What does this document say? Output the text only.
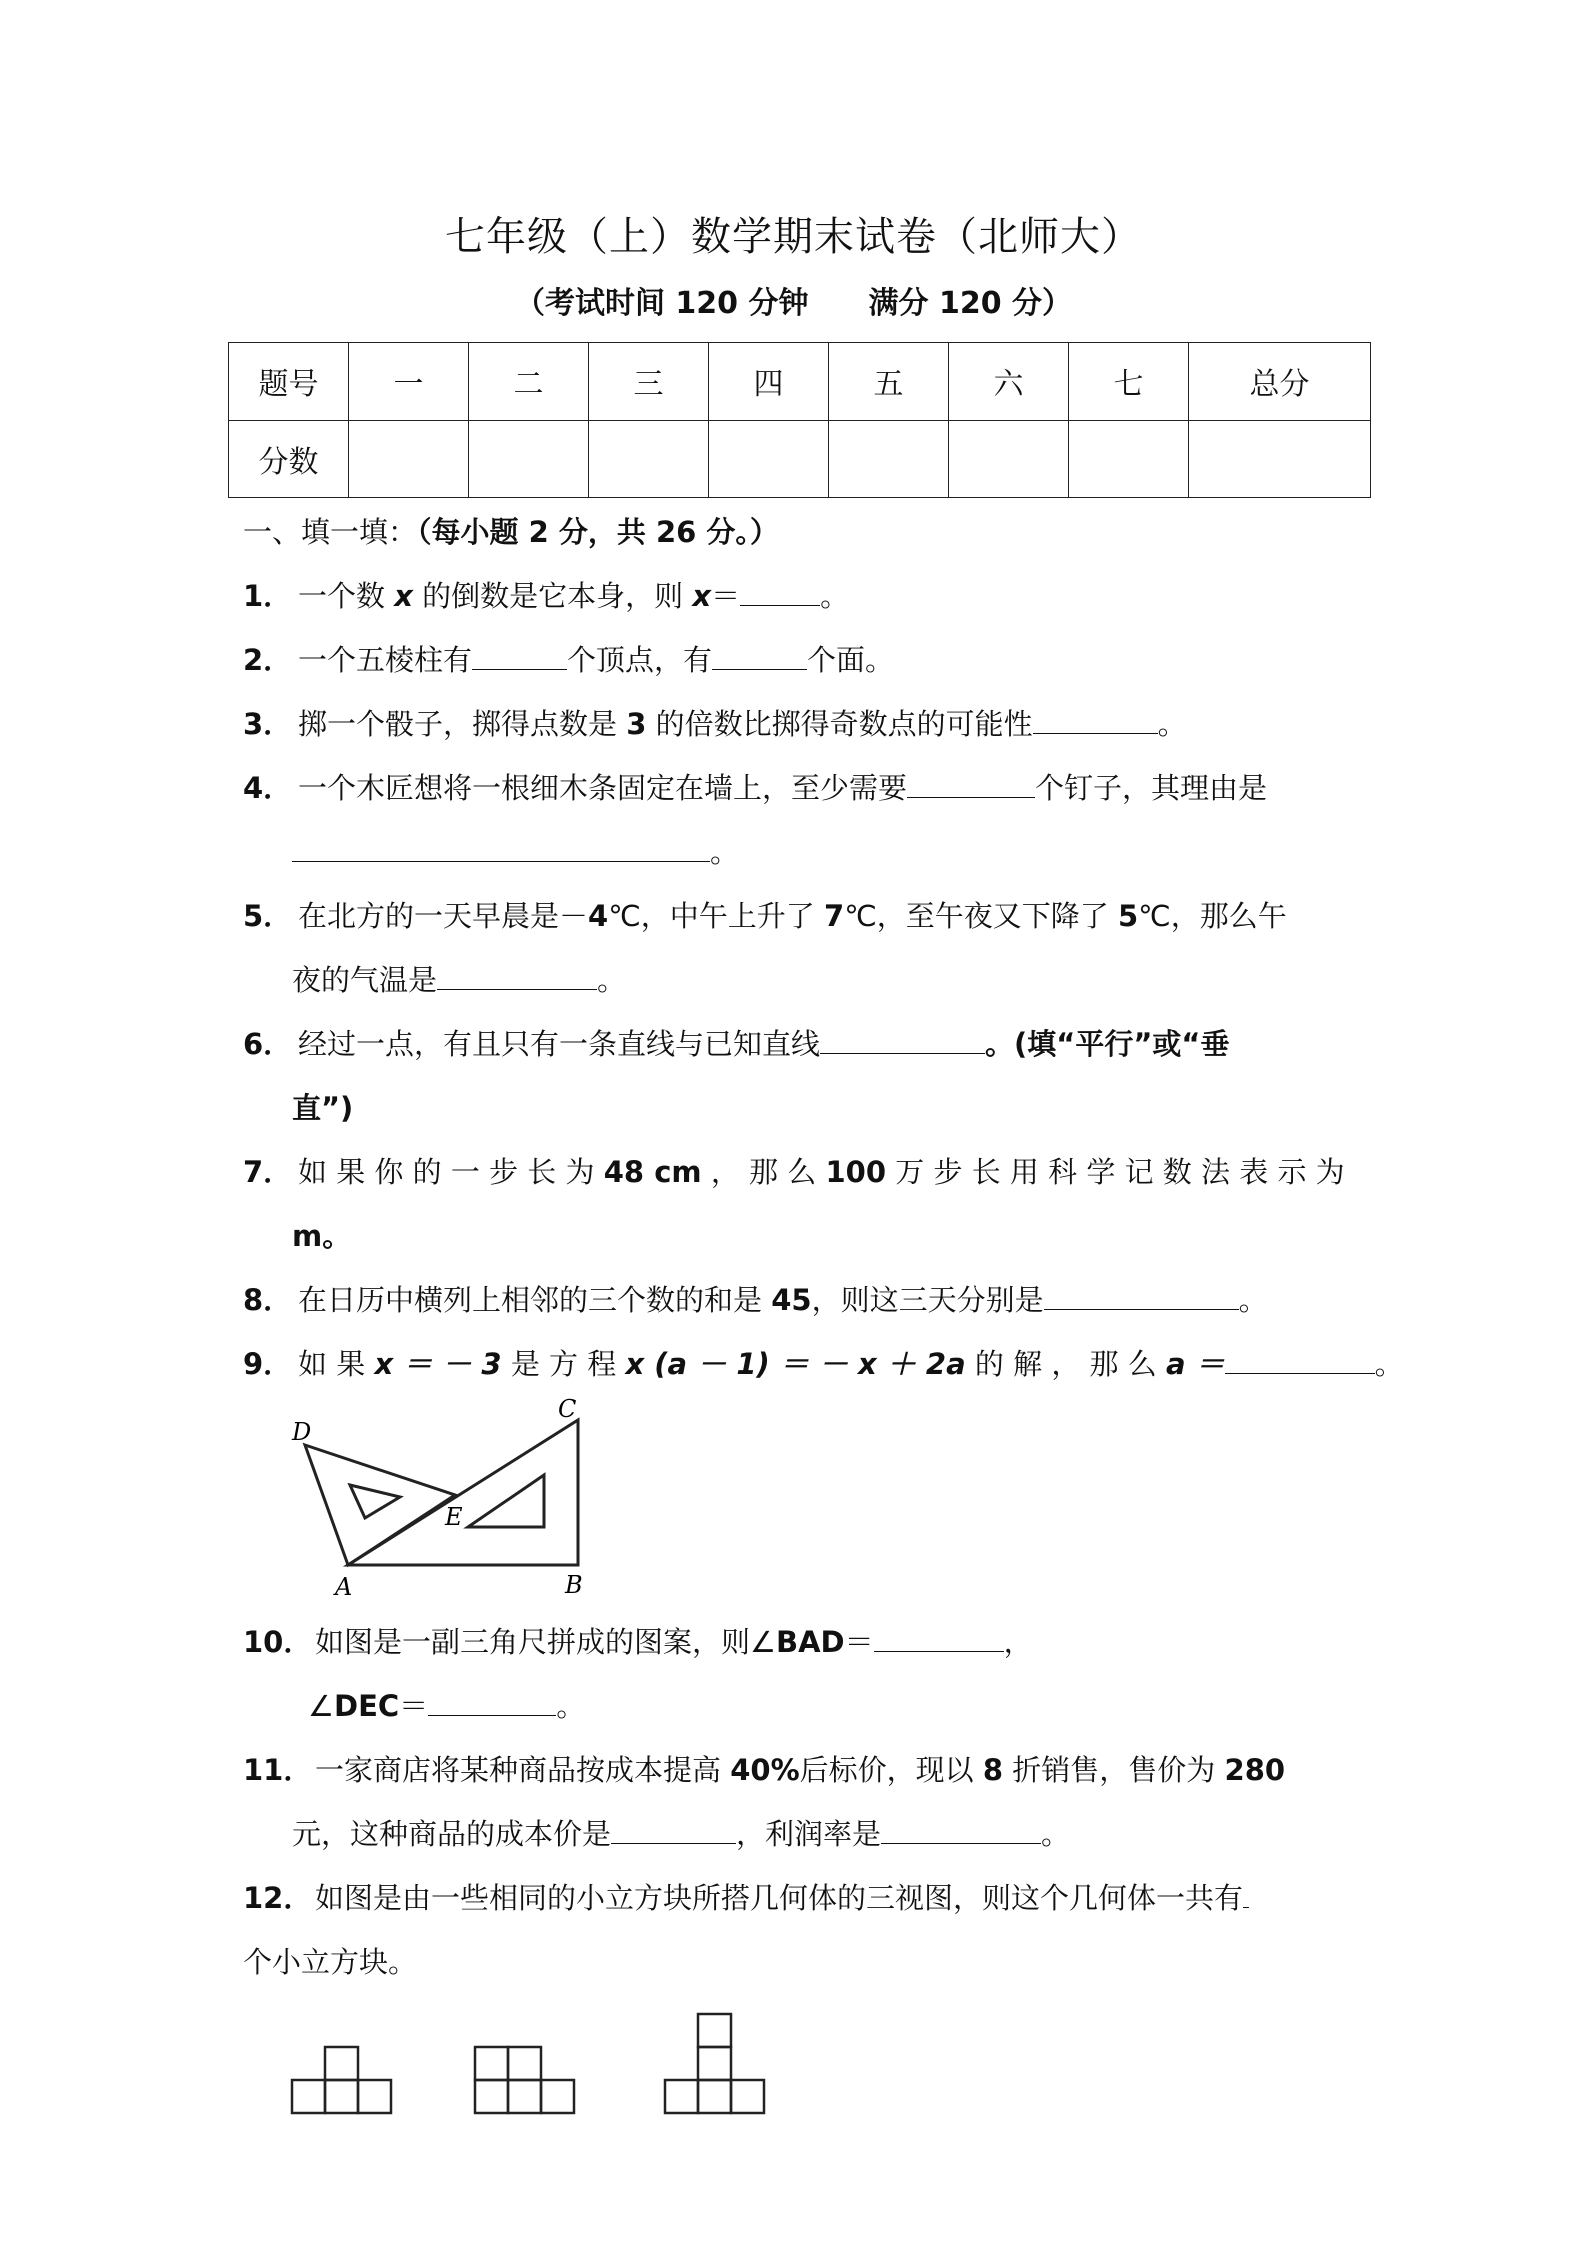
七年级（上）数学期末试卷（北师大）
（考试时间 120 分钟 满分 120 分）
题号	一	二	三	四	五	六	七	总分
分数								
一、填一填：（每小题 2 分，共 26 分。）
1． 一个数 x 的倒数是它本身，则 x＝	。
2． 一个五棱柱有	个顶点，有	个面。
3． 掷一个骰子，掷得点数是 3 的倍数比掷得奇数点的可能性	。
4． 一个木匠想将一根细木条固定在墙上，至少需要	个钉子，其理由是
。
5． 在北方的一天早晨是－4℃，中午上升了 7℃，至午夜又下降了 5℃，那么午
夜的气温是	。
6． 经过一点，有且只有一条直线与已知直线	。(填“平行”或“垂
直”)
7． 如 果 你 的 一 步 长 为 48 cm ， 那 么 100 万 步 长 用 科 学 记 数 法 表 示 为
m。
8． 在日历中横列上相邻的三个数的和是 45，则这三天分别是	。
9． 如 果 x ＝ － 3 是 方 程 x (a － 1) ＝ － x ＋ 2a 的 解 ， 那 么 a ＝	。
D
C
E
A	B
10．如图是一副三角尺拼成的图案，则∠BAD＝	，
∠DEC＝	。
11．一家商店将某种商品按成本提高 40%后标价，现以 8 折销售，售价为 280
元，这种商品的成本价是	，利润率是	。
12．如图是由一些相同的小立方块所搭几何体的三视图，则这个几何体一共有
个小立方块。
